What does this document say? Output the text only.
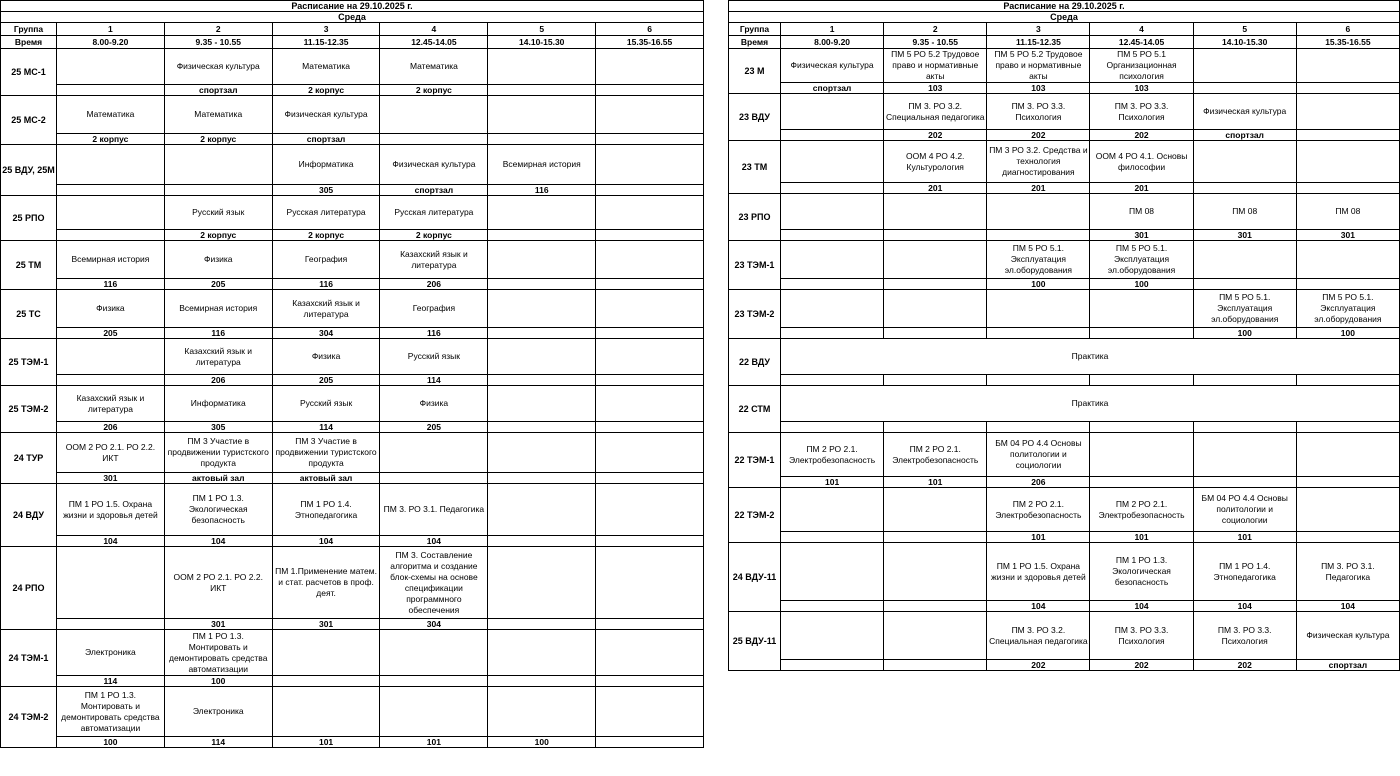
Расписание на 29.10.2025 г.						
Среда						
Группа	1	2	3	4	5	6
Время	8.00-9.20	9.35 - 10.55	11.15-12.35	12.45-14.05	14.10-15.30	15.35-16.55
25 МС-1		Физическая культура	Математика	Математика		
		спортзал	2 корпус	2 корпус		
25 МС-2	Математика	Математика	Физическая культура			
	2 корпус	2 корпус	спортзал			
25 ВДУ, 25М			Информатика	Физическая культура	Всемирная история	
			305	спортзал	116	
25 РПО		Русский язык	Русская литература	Русская литература		
		2 корпус	2 корпус	2 корпус		
25 ТМ	Всемирная история	Физика	География	Казахский язык и литература		
	116	205	116	206		
25 ТС	Физика	Всемирная история	Казахский язык и литература	География		
	205	116	304	116		
25 ТЭМ-1		Казахский язык и литература	Физика	Русский язык		
		206	205	114		
25 ТЭМ-2	Казахский язык и литература	Информатика	Русский язык	Физика		
	206	305	114	205		
24 ТУР	ООМ 2 РО 2.1. РО 2.2. ИКТ	ПМ 3 Участие в продвижении туристского продукта	ПМ 3 Участие в продвижении туристского продукта			
	301	актовый зал	актовый зал			
24 ВДУ	ПМ 1 РО 1.5. Охрана жизни и здоровья детей	ПМ 1 РО 1.3. Экологическая безопасность	ПМ 1 РО 1.4. Этнопедагогика	ПМ 3. РО 3.1. Педагогика		
	104	104	104	104		
24 РПО		ООМ 2 РО 2.1. РО 2.2. ИКТ	ПМ 1.Применение матем. и стат. расчетов в проф. деят.	ПМ 3. Составление алгоритма и создание блок-схемы на основе спецификации программного обеспечения		
		301	301	304		
24 ТЭМ-1	Электроника	ПМ 1 РО 1.3. Монтировать и демонтировать средства автоматизации				
	114	100				
24 ТЭМ-2	ПМ 1 РО 1.3. Монтировать и демонтировать средства автоматизации	Электроника				
	100	114	101	101	100	
Расписание на 29.10.2025 г.						
Среда						
Группа	1	2	3	4	5	6
Время	8.00-9.20	9.35 - 10.55	11.15-12.35	12.45-14.05	14.10-15.30	15.35-16.55
23 М	Физическая культура	ПМ 5 РО 5.2 Трудовое право и нормативные акты	ПМ 5 РО 5.2 Трудовое право и нормативные акты	ПМ 5 РО 5.1 Организационная психология		
	спортзал	103	103	103		
23 ВДУ		ПМ 3. РО 3.2. Специальная педагогика	ПМ 3. РО 3.3. Психология	ПМ 3. РО 3.3. Психология	Физическая культура	
		202	202	202	спортзал	
23 ТМ		ООМ 4 РО 4.2. Культурология	ПМ 3 РО 3.2. Средства и технология диагностирования	ООМ 4 РО 4.1. Основы философии		
		201	201	201		
23 РПО				ПМ 08	ПМ 08	ПМ 08
				301	301	301
23 ТЭМ-1			ПМ 5 РО 5.1. Эксплуатация эл.оборудования	ПМ 5 РО 5.1. Эксплуатация эл.оборудования		
			100	100		
23 ТЭМ-2					ПМ 5 РО 5.1. Эксплуатация эл.оборудования	ПМ 5 РО 5.1. Эксплуатация эл.оборудования
					100	100
22 ВДУ	Практика					

22 СТМ	Практика					

22 ТЭМ-1	ПМ 2 РО 2.1. Электробезопасность	ПМ 2 РО 2.1. Электробезопасность	БМ 04 РО 4.4 Основы политологии и социологии			
	101	101	206			
22 ТЭМ-2			ПМ 2 РО 2.1. Электробезопасность	ПМ 2 РО 2.1. Электробезопасность	БМ 04 РО 4.4 Основы политологии и социологии	
			101	101	101	
24 ВДУ-11			ПМ 1 РО 1.5. Охрана жизни и здоровья детей	ПМ 1 РО 1.3. Экологическая безопасность	ПМ 1 РО 1.4. Этнопедагогика	ПМ 3. РО 3.1. Педагогика
			104	104	104	104
25 ВДУ-11			ПМ 3. РО 3.2. Специальная педагогика	ПМ 3. РО 3.3. Психология	ПМ 3. РО 3.3. Психология	Физическая культура
			202	202	202	спортзал
